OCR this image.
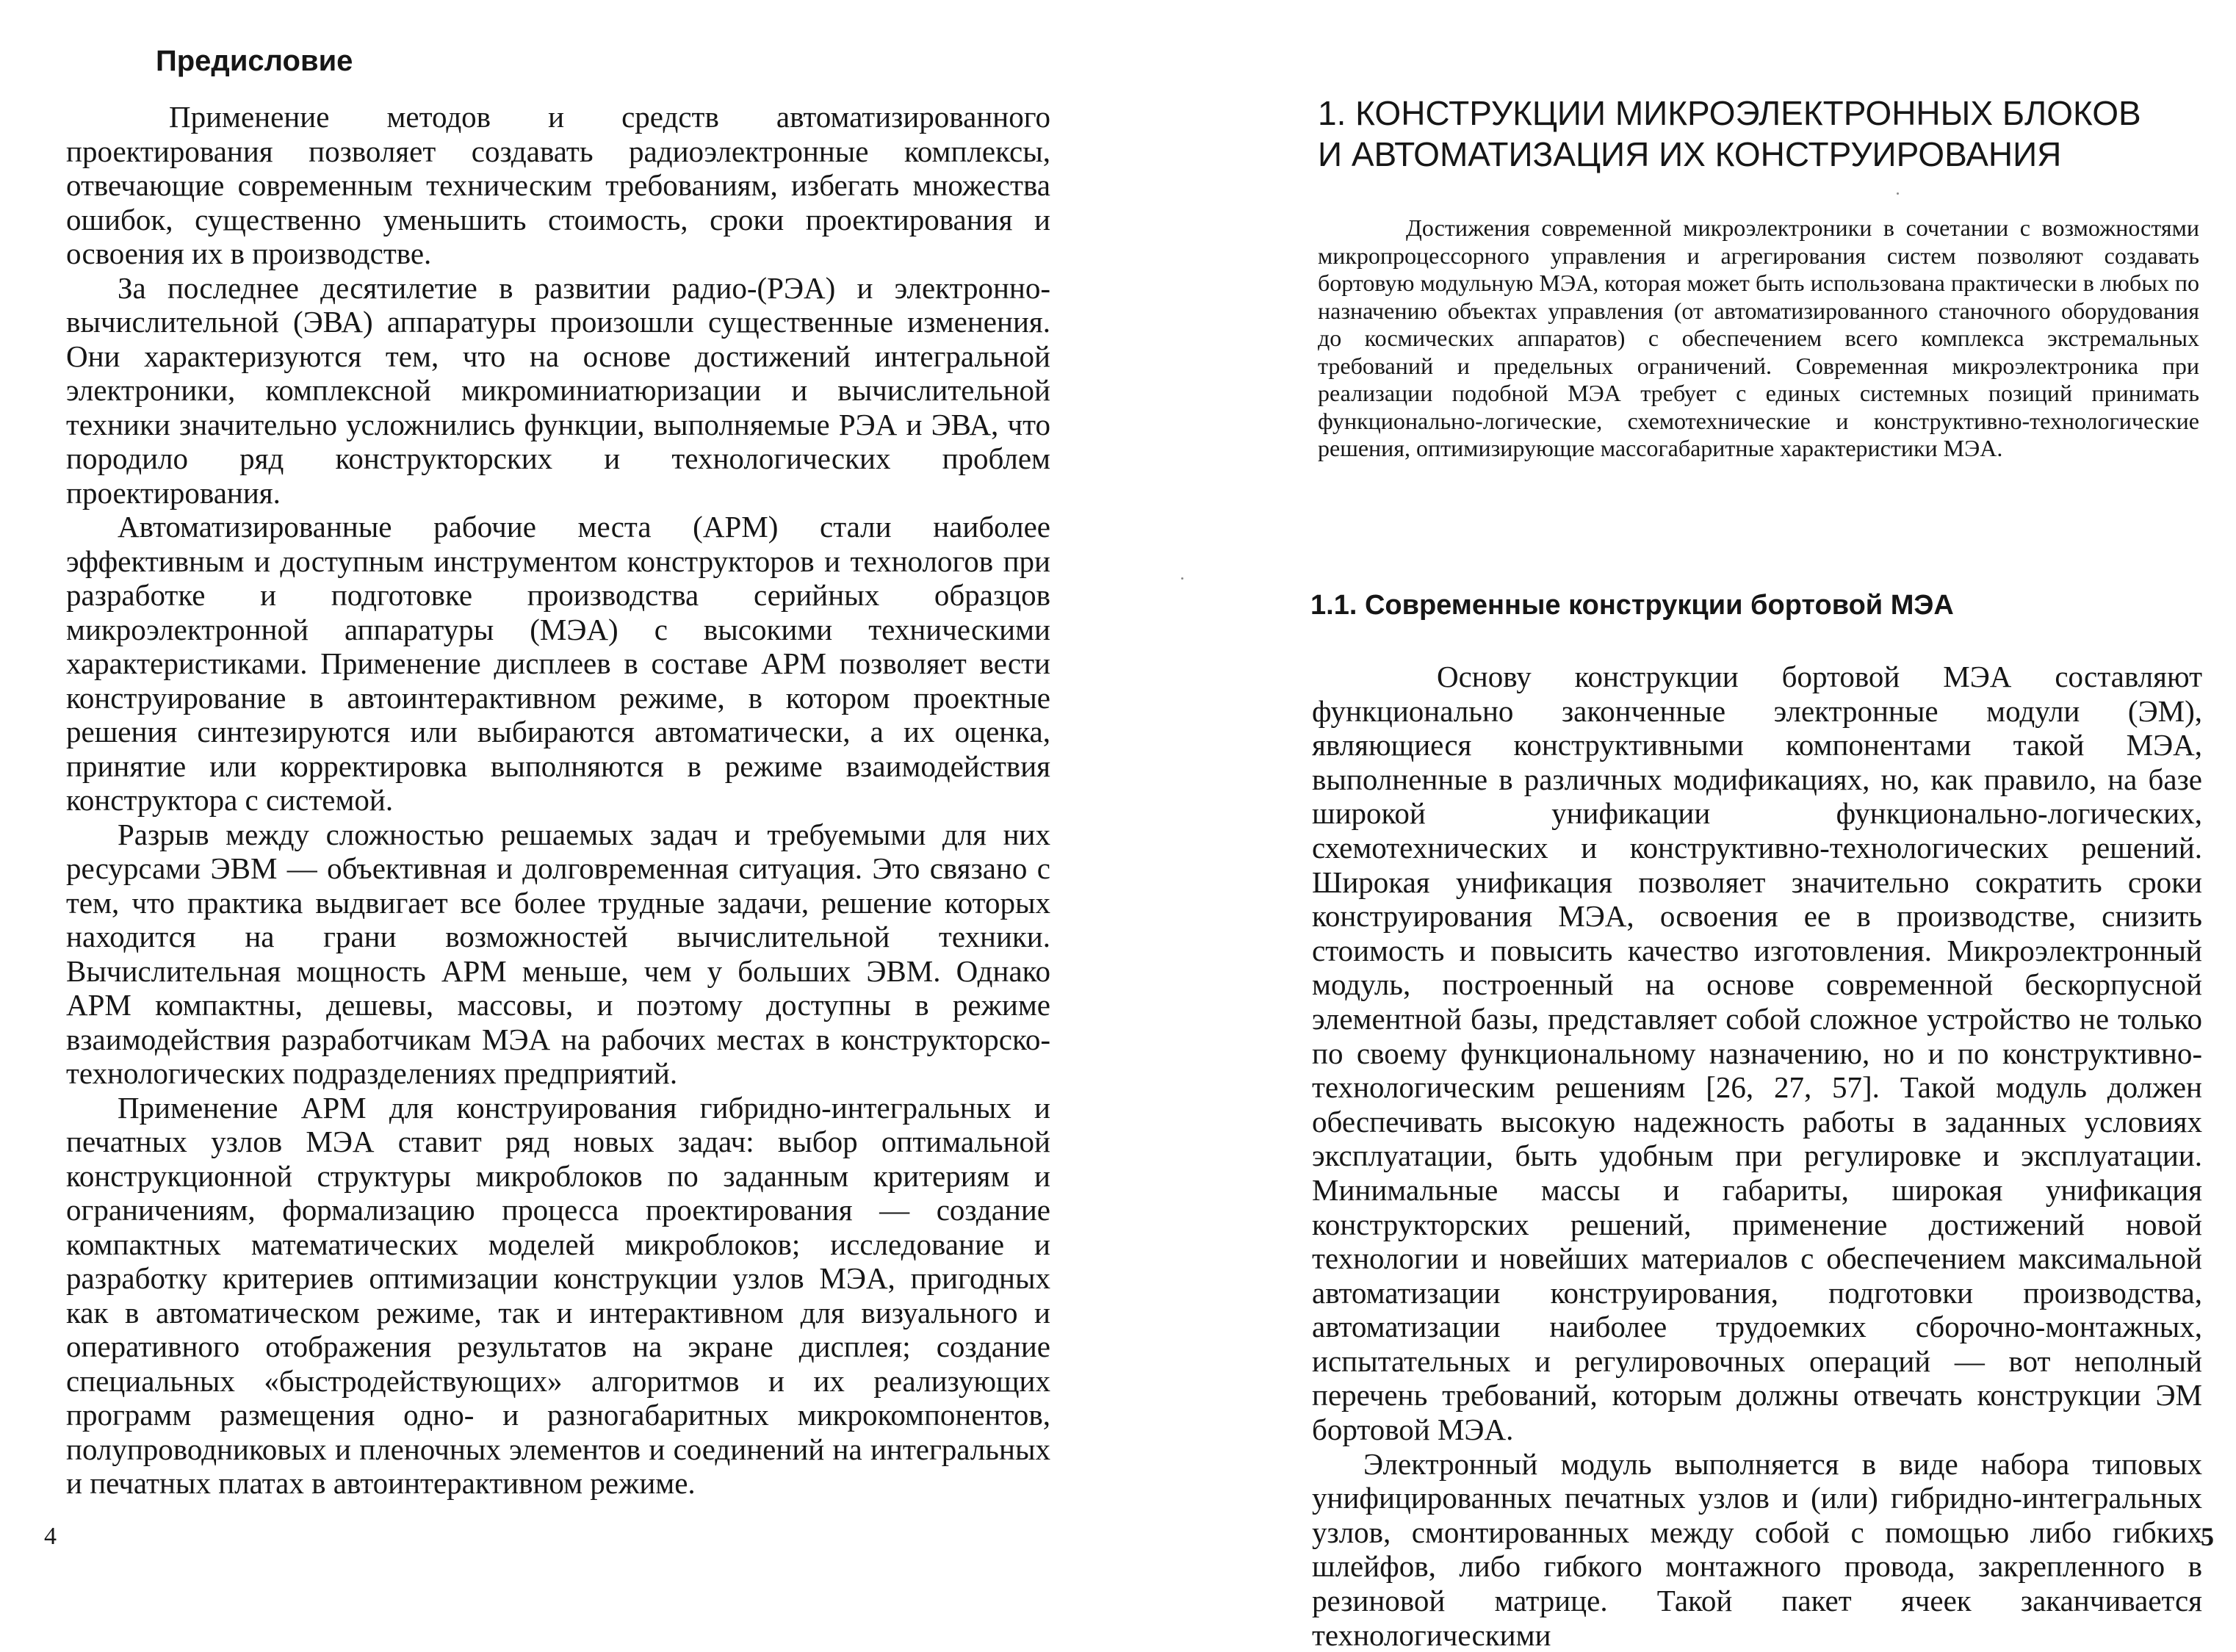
Предисловие

Применение методов и средств автоматизированного проектирования позволяет создавать радиоэлектронные комплексы, отвечающие современным техническим требованиям, избегать множества ошибок, существенно уменьшить стоимость, сроки проектирования и освоения их в производстве.

За последнее десятилетие в развитии радио-(РЭА) и электронно-вычислительной (ЭВА) аппаратуры произошли существенные изменения. Они характеризуются тем, что на основе достижений интегральной электроники, комплексной микроминиатюризации и вычислительной техники значительно усложнились функции, выполняемые РЭА и ЭВА, что породило ряд конструкторских и технологических проблем проектирования.

Автоматизированные рабочие места (АРМ) стали наиболее эффективным и доступным инструментом конструкторов и технологов при разработке и подготовке производства серийных образцов микроэлектронной аппаратуры (МЭА) с высокими техническими характеристиками. Применение дисплеев в составе АРМ позволяет вести конструирование в автоинтерактивном режиме, в котором проектные решения синтезируются или выбираются автоматически, а их оценка, принятие или корректировка выполняются в режиме взаимодействия конструктора с системой.

Разрыв между сложностью решаемых задач и требуемыми для них ресурсами ЭВМ — объективная и долговременная ситуация. Это связано с тем, что практика выдвигает все более трудные задачи, решение которых находится на грани возможностей вычислительной техники. Вычислительная мощность АРМ меньше, чем у больших ЭВМ. Однако АРМ компактны, дешевы, массовы, и поэтому доступны в режиме взаимодействия разработчикам МЭА на рабочих местах в конструкторско-технологических подразделениях предприятий.

Применение АРМ для конструирования гибридно-интегральных и печатных узлов МЭА ставит ряд новых задач: выбор оптимальной конструкционной структуры микроблоков по заданным критериям и ограничениям, формализацию процесса проектирования — создание компактных математических моделей микроблоков; исследование и разработку критериев оптимизации конструкции узлов МЭА, пригодных как в автоматическом режиме, так и интерактивном для визуального и оперативного отображения результатов на экране дисплея; создание специальных «быстродействующих» алгоритмов и их реализующих программ размещения одно- и разногабаритных микрокомпонентов, полупроводниковых и пленочных элементов и соединений на интегральных и печатных платах в автоинтерактивном режиме.

4
1. КОНСТРУКЦИИ МИКРОЭЛЕКТРОННЫХ БЛОКОВ
И АВТОМАТИЗАЦИЯ ИХ КОНСТРУИРОВАНИЯ

Достижения современной микроэлектроники в сочетании с возможностями микропроцессорного управления и агрегирования систем позволяют создавать бортовую модульную МЭА, которая может быть использована практически в любых по назначению объектах управления (от автоматизированного станочного оборудования до космических аппаратов) с обеспечением всего комплекса экстремальных требований и предельных ограничений. Современная микроэлектроника при реализации подобной МЭА требует с единых системных позиций принимать функционально-логические, схемотехнические и конструктивно-технологические решения, оптимизирующие массогабаритные характеристики МЭА.

1.1. Современные конструкции бортовой МЭА

Основу конструкции бортовой МЭА составляют функционально законченные электронные модули (ЭМ), являющиеся конструктивными компонентами такой МЭА, выполненные в различных модификациях, но, как правило, на базе широкой унификации функционально-логических, схемотехнических и конструктивно-технологических решений. Широкая унификация позволяет значительно сократить сроки конструирования МЭА, освоения ее в производстве, снизить стоимость и повысить качество изготовления. Микроэлектронный модуль, построенный на основе современной бескорпусной элементной базы, представляет собой сложное устройство не только по своему функциональному назначению, но и по конструктивно-технологическим решениям [26, 27, 57]. Такой модуль должен обеспечивать высокую надежность работы в заданных условиях эксплуатации, быть удобным при регулировке и эксплуатации. Минимальные массы и габариты, широкая унификация конструкторских решений, применение достижений новой технологии и новейших материалов с обеспечением максимальной автоматизации конструирования, подготовки производства, автоматизации наиболее трудоемких сборочно-монтажных, испытательных и регулировочных операций — вот неполный перечень требований, которым должны отвечать конструкции ЭМ бортовой МЭА.

Электронный модуль выполняется в виде набора типовых унифицированных печатных узлов и (или) гибридно-интегральных узлов, смонтированных между собой с помощью либо гибких шлейфов, либо гибкого монтажного провода, закрепленного в резиновой матрице. Такой пакет ячеек заканчивается технологическими

5
